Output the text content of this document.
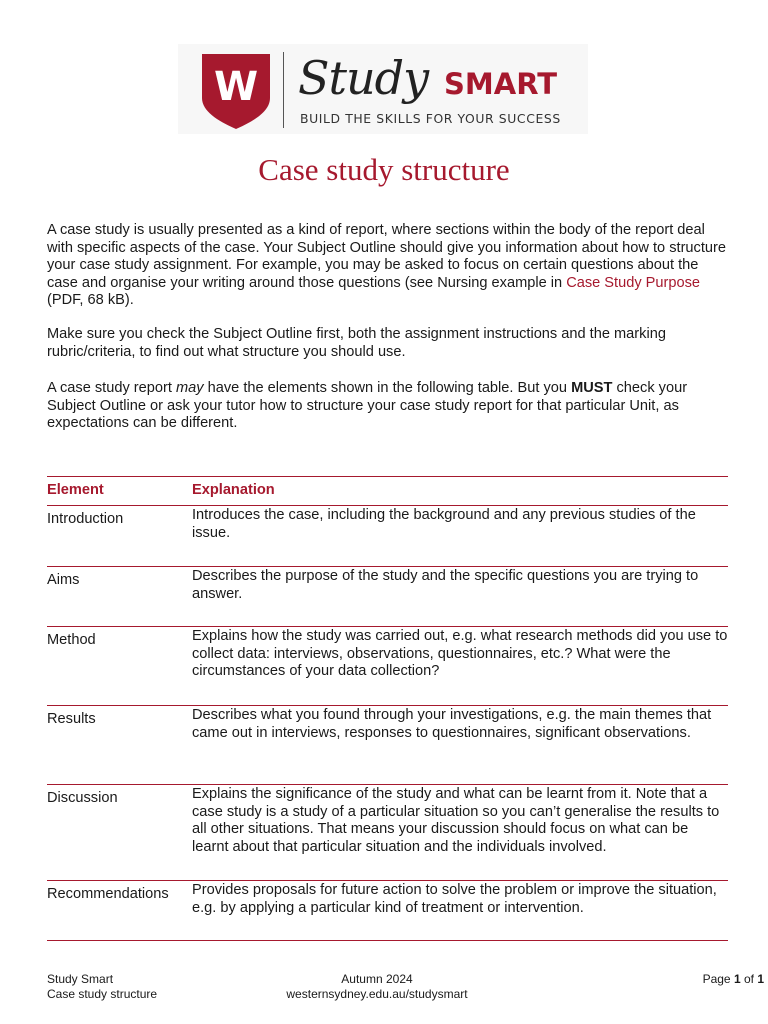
W Study SMART
BUILD THE SKILLS FOR YOUR SUCCESS
Case study structure
A case study is usually presented as a kind of report, where sections within the body of the report deal with specific aspects of the case. Your Subject Outline should give you information about how to structure your case study assignment. For example, you may be asked to focus on certain questions about the case and organise your writing around those questions (see Nursing example in Case Study Purpose (PDF, 68 kB).
Make sure you check the Subject Outline first, both the assignment instructions and the marking rubric/criteria, to find out what structure you should use.
A case study report may have the elements shown in the following table. But you MUST check your Subject Outline or ask your tutor how to structure your case study report for that particular Unit, as expectations can be different.
Element	Explanation
Introduction	Introduces the case, including the background and any previous studies of the issue.
Aims	Describes the purpose of the study and the specific questions you are trying to answer.
Method	Explains how the study was carried out, e.g. what research methods did you use to collect data: interviews, observations, questionnaires, etc.? What were the circumstances of your data collection?
Results	Describes what you found through your investigations, e.g. the main themes that came out in interviews, responses to questionnaires, significant observations.
Discussion	Explains the significance of the study and what can be learnt from it. Note that a case study is a study of a particular situation so you can’t generalise the results to all other situations. That means your discussion should focus on what can be learnt about that particular situation and the individuals involved.
Recommendations	Provides proposals for future action to solve the problem or improve the situation, e.g. by applying a particular kind of treatment or intervention.
Study Smart
Case study structure
Autumn 2024
westernsydney.edu.au/studysmart
Page 1 of 1
